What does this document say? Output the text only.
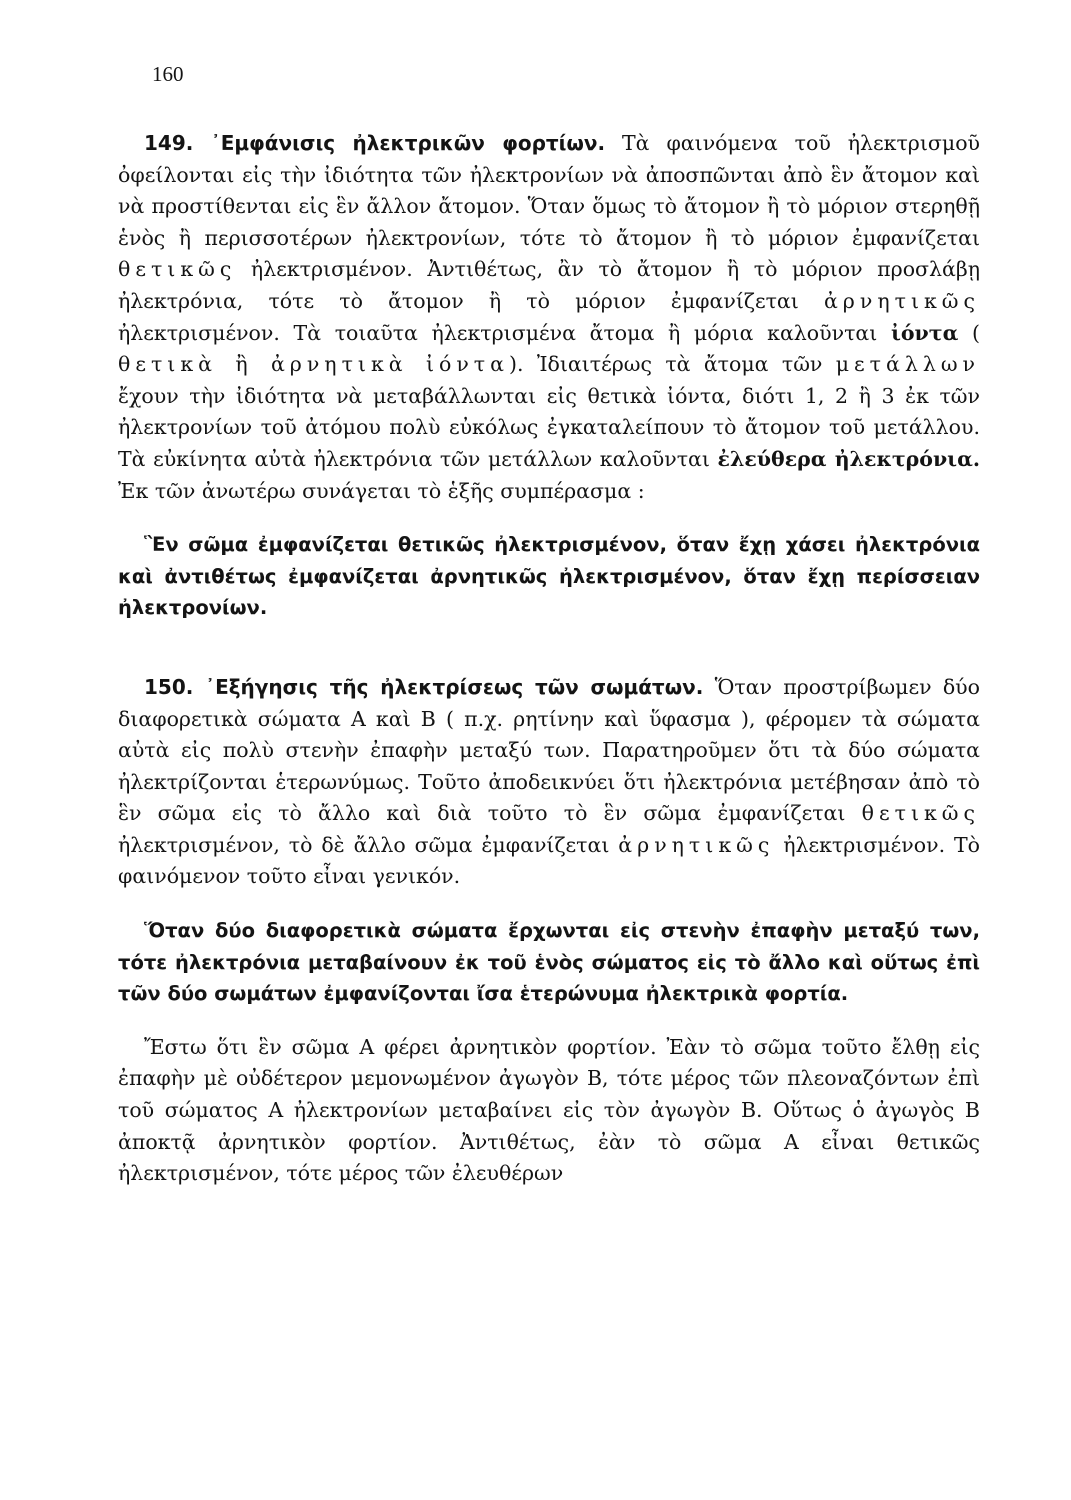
160

149. ᾿Εμφάνισις ἠλεκτρικῶν φορτίων. Τὰ φαινόμενα τοῦ ἠλεκτρισμοῦ ὀφείλονται εἰς τὴν ἰδιότητα τῶν ἠλεκτρονίων νὰ ἀποσπῶνται ἀπὸ ἓν ἄτομον καὶ νὰ προστίθενται εἰς ἓν ἄλλον ἄτομον. Ὅταν ὅμως τὸ ἄτομον ἢ τὸ μόριον στερηθῇ ἑνὸς ἢ περισσοτέρων ἠλεκτρονίων, τότε τὸ ἄτομον ἢ τὸ μόριον ἐμφανίζεται θετικῶς ἠλεκτρισμένον. Ἀντιθέτως, ἂν τὸ ἄτομον ἢ τὸ μόριον προσλάβῃ ἠλεκτρόνια, τότε τὸ ἄτομον ἢ τὸ μόριον ἐμφανίζεται ἀρνητικῶς ἠλεκτρισμένον. Τὰ τοιαῦτα ἠλεκτρισμένα ἄτομα ἢ μόρια καλοῦνται ἰόντα ( θετικὰ ἢ ἀρνητικὰ ἰόντα). Ἰδιαιτέρως τὰ ἄτομα τῶν μετάλλων ἔχουν τὴν ἰδιότητα νὰ μεταβάλλωνται εἰς θετικὰ ἰόντα, διότι 1, 2 ἢ 3 ἐκ τῶν ἠλεκτρονίων τοῦ ἀτόμου πολὺ εὐκόλως ἐγκαταλείπουν τὸ ἄτομον τοῦ μετάλλου. Τὰ εὐκίνητα αὐτὰ ἠλεκτρόνια τῶν μετάλλων καλοῦνται ἐλεύθερα ἠλεκτρόνια. Ἐκ τῶν ἀνωτέρω συνάγεται τὸ ἑξῆς συμπέρασμα :

Ἓν σῶμα ἐμφανίζεται θετικῶς ἠλεκτρισμένον, ὅταν ἔχῃ χάσει ἠλεκτρόνια καὶ ἀντιθέτως ἐμφανίζεται ἀρνητικῶς ἠλεκτρισμένον, ὅταν ἔχῃ περίσσειαν ἠλεκτρονίων.

150. ᾿Εξήγησις τῆς ἠλεκτρίσεως τῶν σωμάτων. Ὅταν προστρίβωμεν δύο διαφορετικὰ σώματα Α καὶ Β ( π.χ. ρητίνην καὶ ὕφασμα ), φέρομεν τὰ σώματα αὐτὰ εἰς πολὺ στενὴν ἐπαφὴν μεταξύ των. Παρατηροῦμεν ὅτι τὰ δύο σώματα ἠλεκτρίζονται ἑτερωνύμως. Τοῦτο ἀποδεικνύει ὅτι ἠλεκτρόνια μετέβησαν ἀπὸ τὸ ἓν σῶμα εἰς τὸ ἄλλο καὶ διὰ τοῦτο τὸ ἓν σῶμα ἐμφανίζεται θετικῶς ἠλεκτρισμένον, τὸ δὲ ἄλλο σῶμα ἐμφανίζεται ἀρνητικῶς ἠλεκτρισμένον. Τὸ φαινόμενον τοῦτο εἶναι γενικόν.

Ὅταν δύο διαφορετικὰ σώματα ἔρχωνται εἰς στενὴν ἐπαφὴν μεταξύ των, τότε ἠλεκτρόνια μεταβαίνουν ἐκ τοῦ ἑνὸς σώματος εἰς τὸ ἄλλο καὶ οὕτως ἐπὶ τῶν δύο σωμάτων ἐμφανίζονται ἴσα ἑτερώνυμα ἠλεκτρικὰ φορτία.

Ἔστω ὅτι ἓν σῶμα Α φέρει ἀρνητικὸν φορτίον. Ἐὰν τὸ σῶμα τοῦτο ἔλθῃ εἰς ἐπαφὴν μὲ οὐδέτερον μεμονωμένον ἀγωγὸν Β, τότε μέρος τῶν πλεοναζόντων ἐπὶ τοῦ σώματος Α ἠλεκτρονίων μεταβαίνει εἰς τὸν ἀγωγὸν Β. Οὕτως ὁ ἀγωγὸς Β ἀποκτᾷ ἀρνητικὸν φορτίον. Ἀντιθέτως, ἐὰν τὸ σῶμα Α εἶναι θετικῶς ἠλεκτρισμένον, τότε μέρος τῶν ἐλευθέρων
